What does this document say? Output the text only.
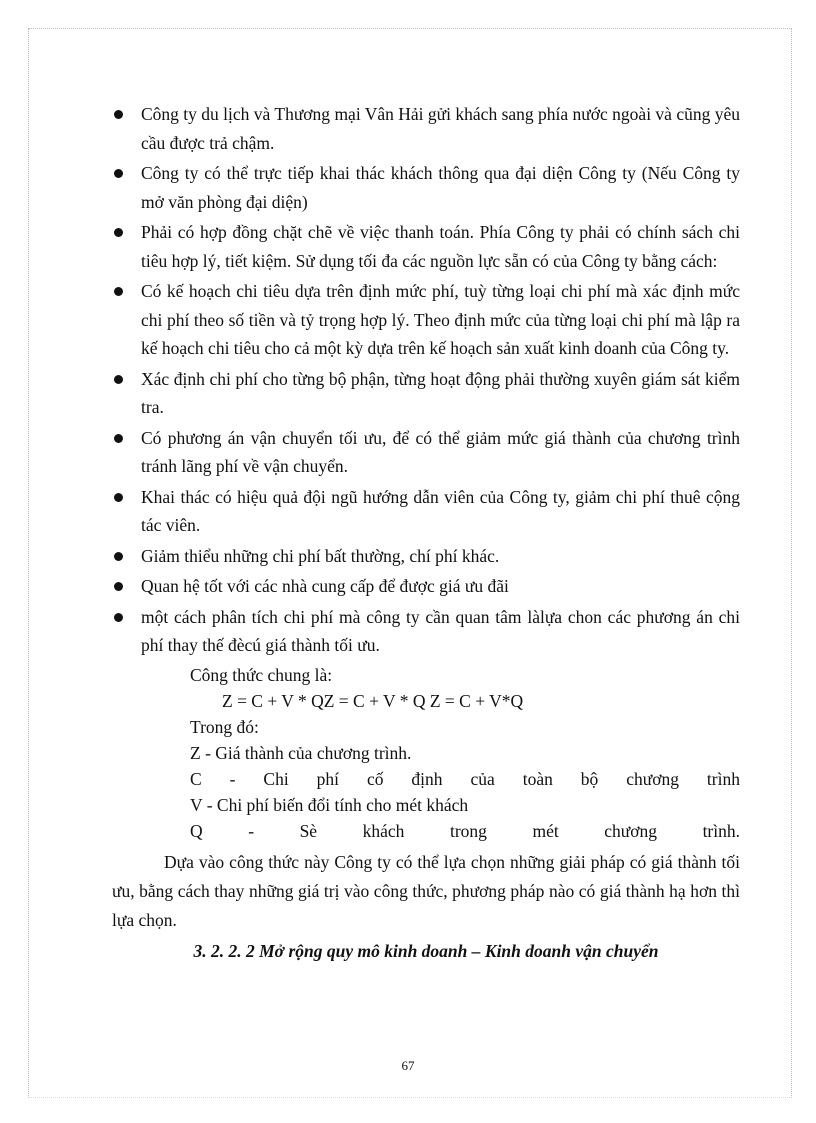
Công ty du lịch và Thương mại Vân Hải gửi khách sang phía nước ngoài và cũng yêu cầu được trả chậm.
Công ty có thể trực tiếp khai thác khách thông qua đại diện Công ty (Nếu Công ty mở văn phòng đại diện)
Phải có hợp đồng chặt chẽ về việc thanh toán. Phía Công ty phải có chính sách chi tiêu hợp lý, tiết kiệm. Sử dụng tối đa các nguồn lực sẵn có của Công ty bằng cách:
Có kế hoạch chi tiêu dựa trên định mức phí, tuỳ từng loại chi phí mà xác định mức chi phí theo số tiền và tỷ trọng hợp lý. Theo định mức của từng loại chi phí mà lập ra kế hoạch chi tiêu cho cả một kỳ dựa trên kế hoạch sản xuất kinh doanh của Công ty.
Xác định chi phí cho từng bộ phận, từng hoạt động phải thường xuyên giám sát kiểm tra.
Có phương án vận chuyển tối ưu, để có thể giảm mức giá thành của chương trình tránh lãng phí về vận chuyển.
Khai thác có hiệu quả đội ngũ hướng dẫn viên của Công ty, giảm chi phí thuê cộng tác viên.
Giảm thiểu những chi phí bất thường, chí phí khác.
Quan hệ tốt với các nhà cung cấp để được giá ưu đãi
một cách phân tích chi phí mà công ty cần quan tâm làlựa chon các phương án chi phí thay thế đècú giá thành tối ưu.
Công thức chung là:
Z = C + V * QZ = C + V * Q Z = C + V*Q
Trong đó:
Z - Giá thành của chương trình.
C - Chi phí cố định của toàn bộ chương trình
V - Chi phí biến đổi tính cho mét khách
Q	-	Sè	khách	trong	mét	chương	trình.

Dựa vào công thức này Công ty có thể lựa chọn những giải pháp có giá thành tối ưu, bằng cách thay những giá trị vào công thức, phương pháp nào có giá thành hạ hơn thì lựa chọn.

3. 2. 2. 2 Mở rộng quy mô kinh doanh – Kinh doanh vận chuyển
67
